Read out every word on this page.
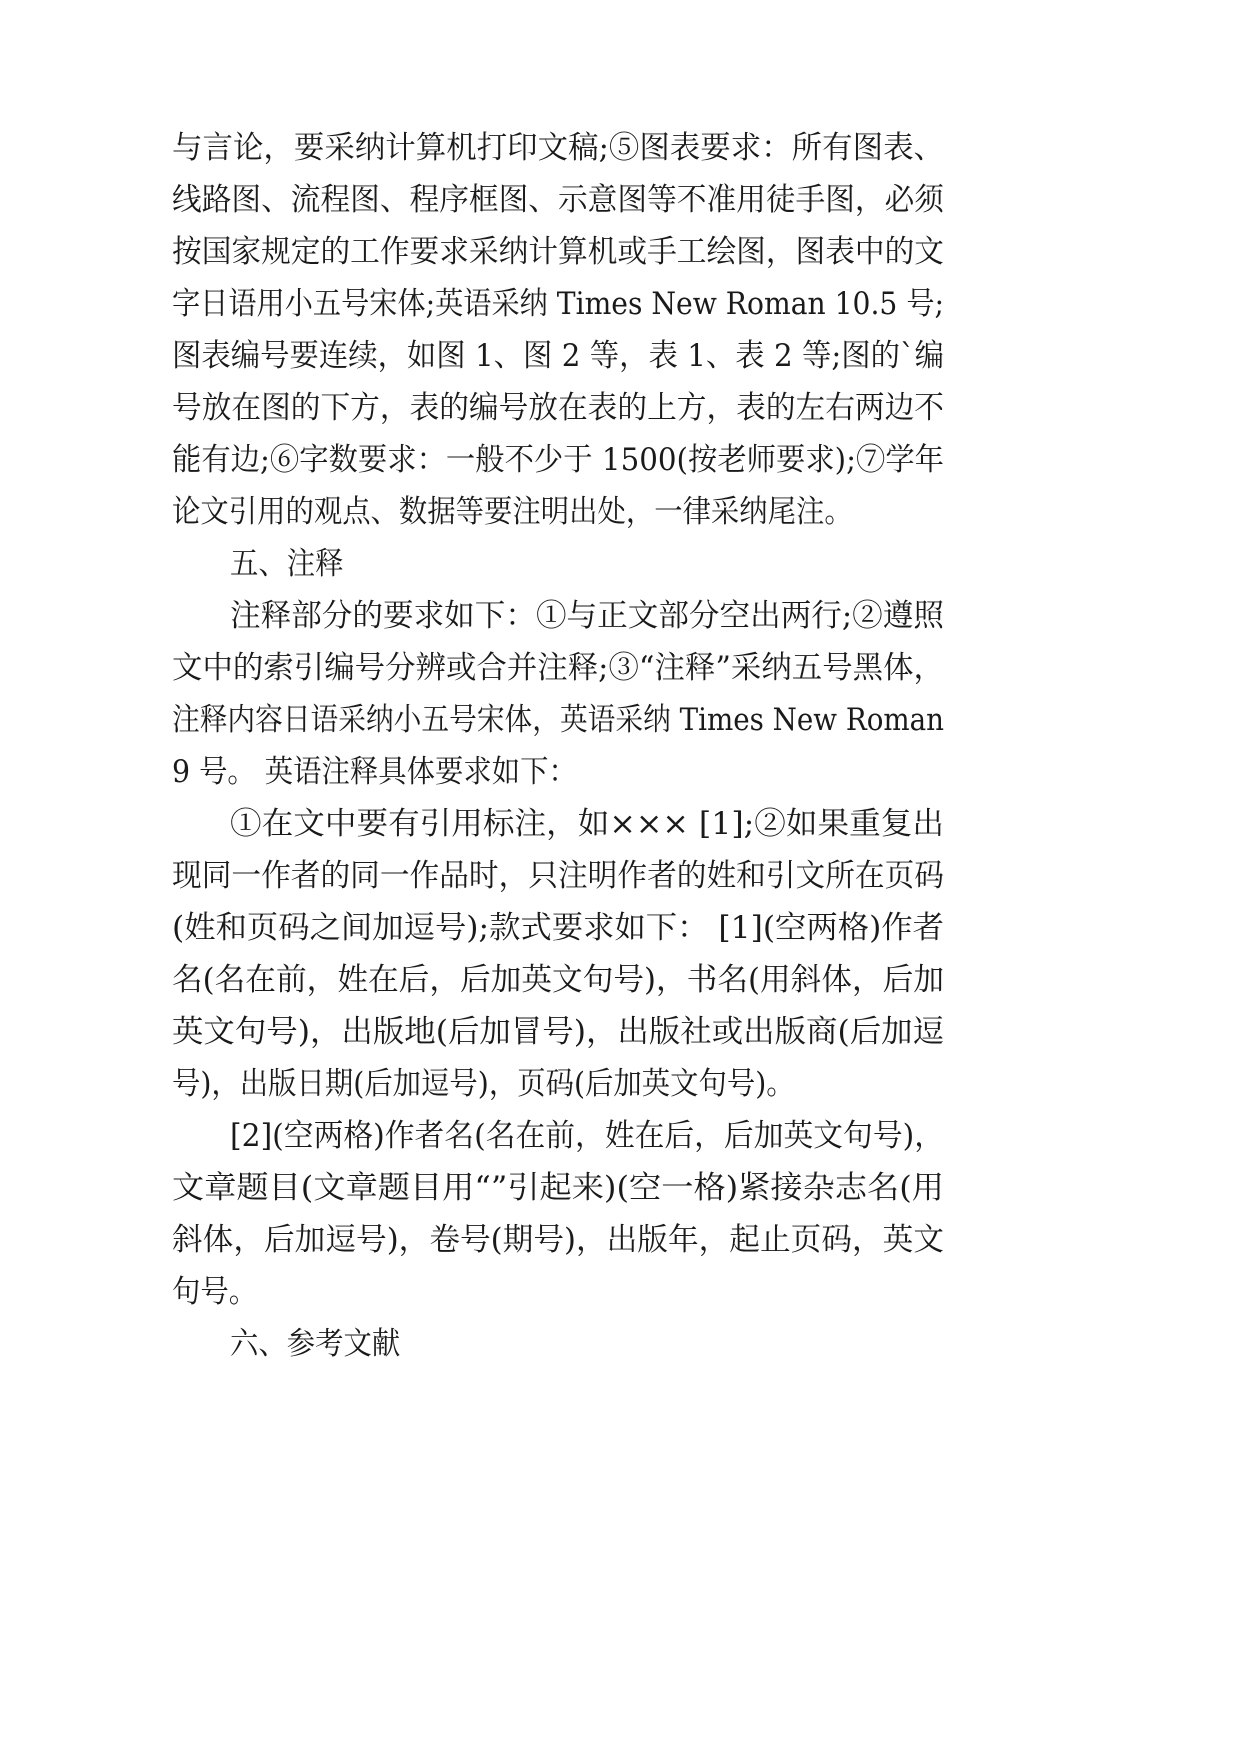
与言论，要采纳计算机打印文稿;⑤图表要求：所有图表、
线路图、流程图、程序框图、示意图等不准用徒手图，必须
按国家规定的工作要求采纳计算机或手工绘图，图表中的文
字日语用小五号宋体;英语采纳 Times New Roman 10.5 号;
图表编号要连续，如图 1、图 2 等，表 1、表 2 等;图的`编
号放在图的下方，表的编号放在表的上方，表的左右两边不
能有边;⑥字数要求：一般不少于 1500(按老师要求);⑦学年
论文引用的观点、数据等要注明出处，一律采纳尾注。
五、注释
注释部分的要求如下：①与正文部分空出两行;②遵照
文中的索引编号分辨或合并注释;③“注释”采纳五号黑体，
注释内容日语采纳小五号宋体，英语采纳 Times New Roman
9 号。 英语注释具体要求如下：
①在文中要有引用标注，如××× [1];②如果重复出
现同一作者的同一作品时，只注明作者的姓和引文所在页码
(姓和页码之间加逗号);款式要求如下： [1](空两格)作者
名(名在前，姓在后，后加英文句号)，书名(用斜体，后加
英文句号)，出版地(后加冒号)，出版社或出版商(后加逗
号)，出版日期(后加逗号)，页码(后加英文句号)。
[2](空两格)作者名(名在前，姓在后，后加英文句号)，
文章题目(文章题目用“”引起来)(空一格)紧接杂志名(用
斜体，后加逗号)，卷号(期号)，出版年，起止页码，英文
句号。
六、参考文献
